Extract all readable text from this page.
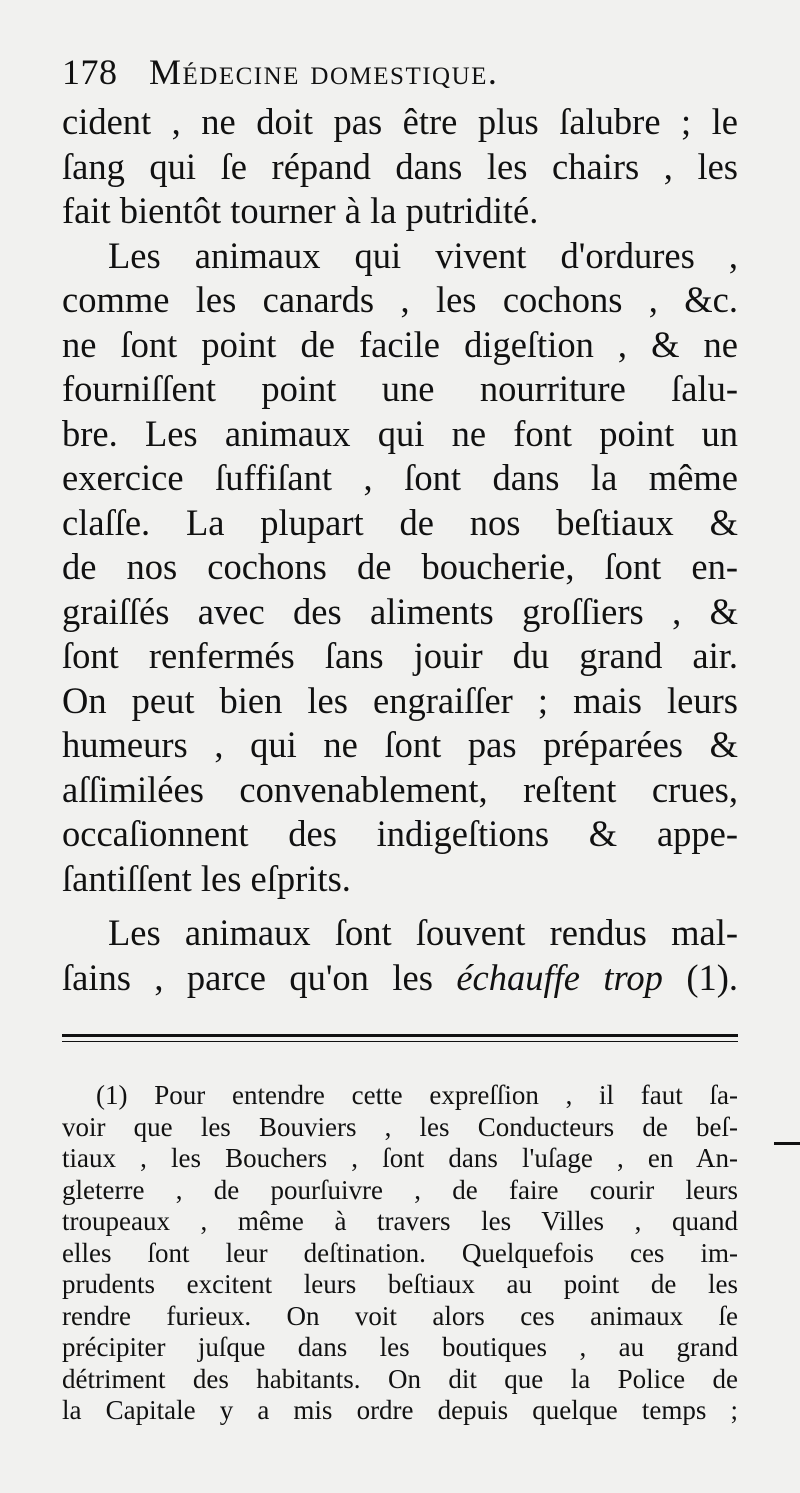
178 Médecine domestique.
cident , ne doit pas être plus ſalubre ; le
ſang qui ſe répand dans les chairs , les
fait bientôt tourner à la putridité.
Les animaux qui vivent d'ordures ,
comme les canards , les cochons , &c.
ne ſont point de facile digeſtion , & ne
fourniſſent point une nourriture ſalu-
bre. Les animaux qui ne font point un
exercice ſuffiſant , ſont dans la même
claſſe. La plupart de nos beſtiaux &
de nos cochons de boucherie, ſont en-
graiſſés avec des aliments groſſiers , &
ſont renfermés ſans jouir du grand air.
On peut bien les engraiſſer ; mais leurs
humeurs , qui ne ſont pas préparées &
aſſimilées convenablement, reſtent crues,
occaſionnent des indigeſtions & appe-
ſantiſſent les eſprits.
Les animaux ſont ſouvent rendus mal-
ſains , parce qu'on les échauffe trop (1).
(1) Pour entendre cette expreſſion , il faut ſa-
voir que les Bouviers , les Conducteurs de beſ-
tiaux , les Bouchers , ſont dans l'uſage , en An-
gleterre , de pourſuivre , de faire courir leurs
troupeaux , même à travers les Villes , quand
elles ſont leur deſtination. Quelquefois ces im-
prudents excitent leurs beſtiaux au point de les
rendre furieux. On voit alors ces animaux ſe
précipiter juſque dans les boutiques , au grand
détriment des habitants. On dit que la Police de
la Capitale y a mis ordre depuis quelque temps ;
